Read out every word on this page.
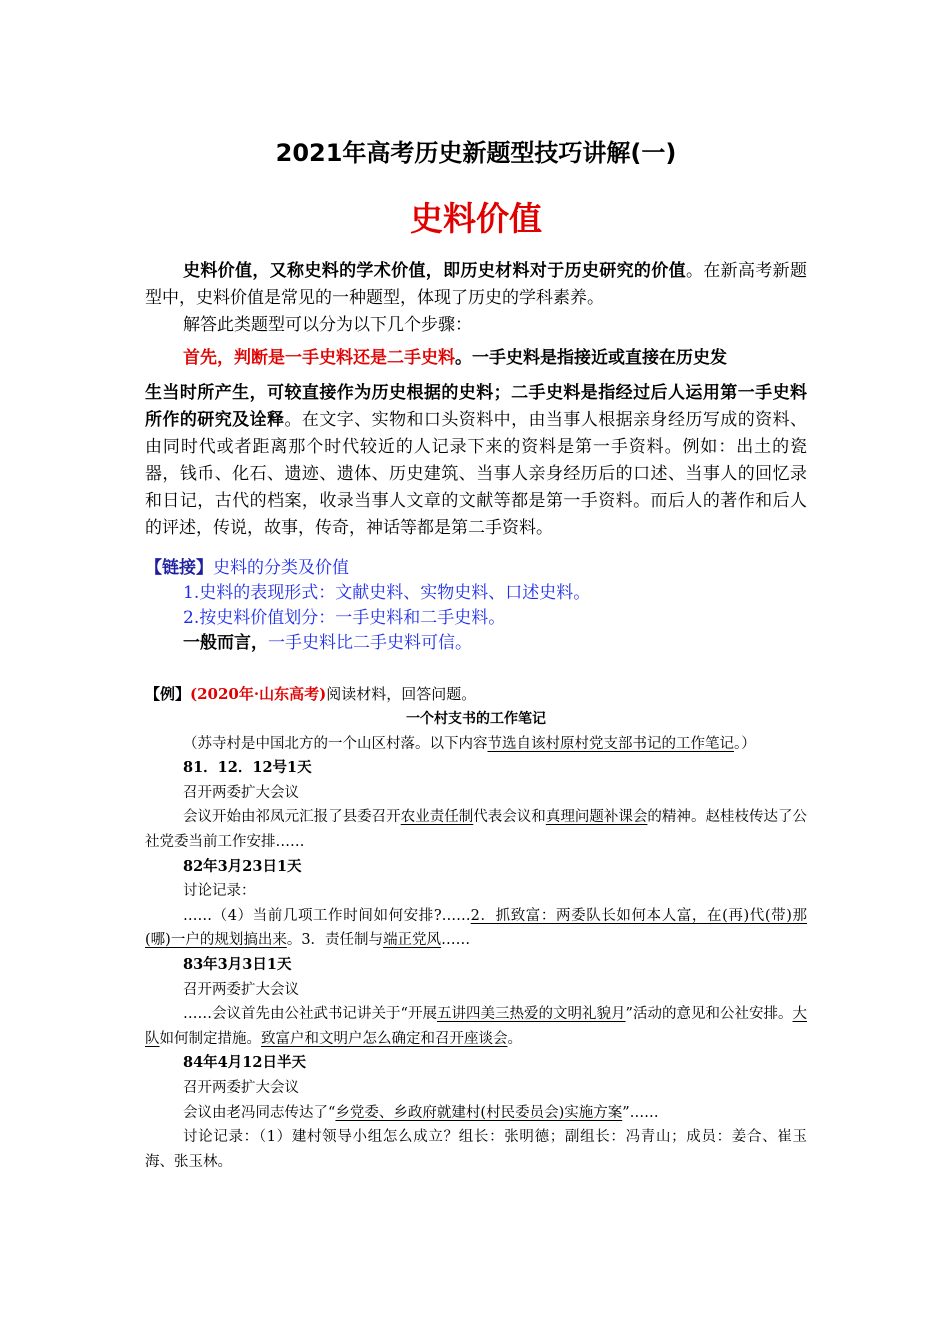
2021年高考历史新题型技巧讲解(一)
史料价值

史料价值，又称史料的学术价值，即历史材料对于历史研究的价值。在新高考新题型中，史料价值是常见的一种题型，体现了历史的学科素养。

解答此类题型可以分为以下几个步骤：

首先，判断是一手史料还是二手史料。一手史料是指接近或直接在历史发

生当时所产生，可较直接作为历史根据的史料；二手史料是指经过后人运用第一手史料所作的研究及诠释。在文字、实物和口头资料中，由当事人根据亲身经历写成的资料、由同时代或者距离那个时代较近的人记录下来的资料是第一手资料。例如：出土的瓷器，钱币、化石、遗迹、遗体、历史建筑、当事人亲身经历后的口述、当事人的回忆录和日记，古代的档案，收录当事人文章的文献等都是第一手资料。而后人的著作和后人的评述，传说，故事，传奇，神话等都是第二手资料。

【链接】史料的分类及价值

1.史料的表现形式：文献史料、实物史料、口述史料。

2.按史料价值划分：一手史料和二手史料。

一般而言，一手史料比二手史料可信。

【例】(2020年·山东高考)阅读材料，回答问题。

一个村支书的工作笔记

（苏寺村是中国北方的一个山区村落。以下内容节选自该村原村党支部书记的工作笔记。）

81．12．12号1天

召开两委扩大会议

会议开始由祁凤元汇报了县委召开农业责任制代表会议和真理问题补课会的精神。赵桂枝传达了公社党委当前工作安排……

82年3月23日1天

讨论记录：

……（4）当前几项工作时间如何安排?……2．抓致富：两委队长如何本人富，在(再)代(带)那(哪)一户的规划搞出来。3．责任制与端正党风……

83年3月3日1天

召开两委扩大会议

……会议首先由公社武书记讲关于“开展五讲四美三热爱的文明礼貌月”活动的意见和公社安排。大队如何制定措施。致富户和文明户怎么确定和召开座谈会。

84年4月12日半天

召开两委扩大会议

会议由老冯同志传达了“乡党委、乡政府就建村(村民委员会)实施方案”……

讨论记录：（1）建村领导小组怎么成立？组长：张明德；副组长：冯青山；成员：姜合、崔玉海、张玉林。
